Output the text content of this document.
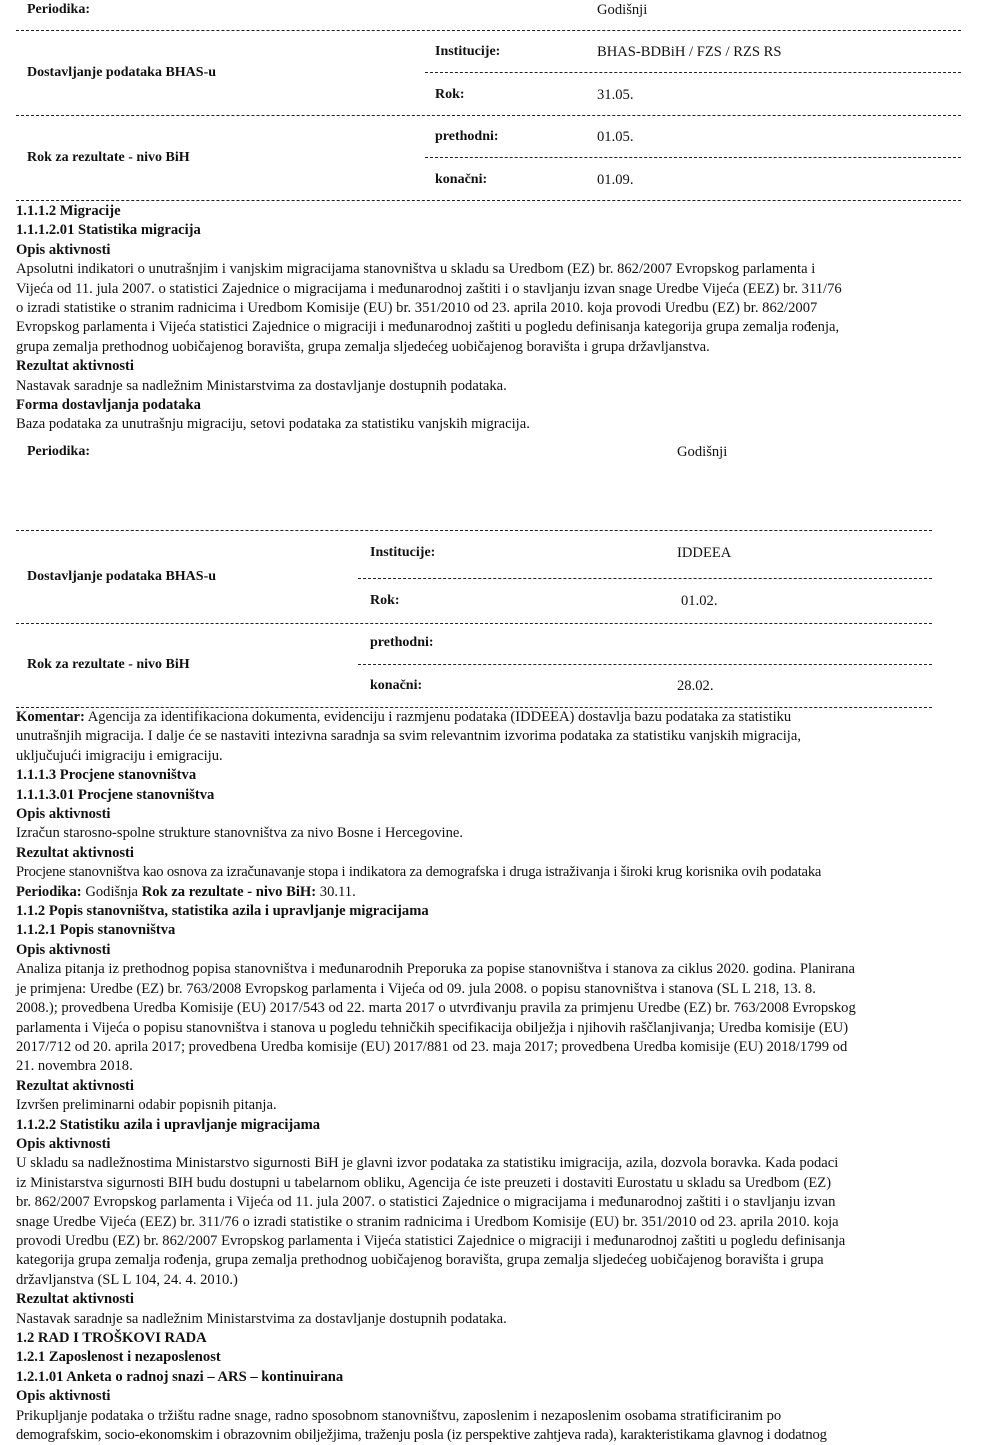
Periodika:	Godišnji
Institucije:	BHAS-BDBiH / FZS / RZS RS
Dostavljanje podataka BHAS-u
Rok:	31.05.
prethodni:	01.05.
Rok za rezultate - nivo BiH
konačni:	01.09.
1.1.1.2 Migracije
1.1.1.2.01 Statistika migracija
Opis aktivnosti
Apsolutni indikatori o unutrašnjim i vanjskim migracijama stanovništva u skladu sa Uredbom (EZ) br. 862/2007 Evropskog parlamenta i
Vijeća od 11. jula 2007. o statistici Zajednice o migracijama i međunarodnoj zaštiti i o stavljanju izvan snage Uredbe Vijeća (EEZ) br. 311/76
o izradi statistike o stranim radnicima i Uredbom Komisije (EU) br. 351/2010 od 23. aprila 2010. koja provodi Uredbu (EZ) br. 862/2007
Evropskog parlamenta i Vijeća statistici Zajednice o migraciji i međunarodnoj zaštiti u pogledu definisanja kategorija grupa zemalja rođenja,
grupa zemalja prethodnog uobičajenog boravišta, grupa zemalja sljedećeg uobičajenog boravišta i grupa državljanstva.
Rezultat aktivnosti
Nastavak saradnje sa nadležnim Ministarstvima za dostavljanje dostupnih podataka.
Forma dostavljanja podataka
Baza podataka za unutrašnju migraciju, setovi podataka za statistiku vanjskih migracija.
Periodika:	Godišnji
Institucije:	IDDEEA
Dostavljanje podataka BHAS-u
Rok:	01.02.
prethodni:
Rok za rezultate - nivo BiH
konačni:	28.02.
Komentar: Agencija za identifikaciona dokumenta, evidenciju i razmjenu podataka (IDDEEA) dostavlja bazu podataka za statistiku
unutrašnjih migracija. I dalje će se nastaviti intezivna saradnja sa svim relevantnim izvorima podataka za statistiku vanjskih migracija,
uključujući imigraciju i emigraciju.
1.1.1.3 Procjene stanovništva
1.1.1.3.01 Procjene stanovništva
Opis aktivnosti
Izračun starosno-spolne strukture stanovništva za nivo Bosne i Hercegovine.
Rezultat aktivnosti
Procjene stanovništva kao osnova za izračunavanje stopa i indikatora za demografska i druga istraživanja i široki krug korisnika ovih podataka
Periodika: Godišnja Rok za rezultate - nivo BiH: 30.11.
1.1.2 Popis stanovništva, statistika azila i upravljanje migracijama
1.1.2.1 Popis stanovništva
Opis aktivnosti
Analiza pitanja iz prethodnog popisa stanovništva i međunarodnih Preporuka za popise stanovništva i stanova za ciklus 2020. godina. Planirana
je primjena: Uredbe (EZ) br. 763/2008 Evropskog parlamenta i Vijeća od 09. jula 2008. o popisu stanovništva i stanova (SL L 218, 13. 8.
2008.); provedbena Uredba Komisije (EU) 2017/543 od 22. marta 2017 o utvrđivanju pravila za primjenu Uredbe (EZ) br. 763/2008 Evropskog
parlamenta i Vijeća o popisu stanovništva i stanova u pogledu tehničkih specifikacija obilježja i njihovih raščlanjivanja; Uredba komisije (EU)
2017/712 od 20. aprila 2017; provedbena Uredba komisije (EU) 2017/881 od 23. maja 2017; provedbena Uredba komisije (EU) 2018/1799 od
21. novembra 2018.
Rezultat aktivnosti
Izvršen preliminarni odabir popisnih pitanja.
1.1.2.2 Statistiku azila i upravljanje migracijama
Opis aktivnosti
U skladu sa nadležnostima Ministarstvo sigurnosti BiH je glavni izvor podataka za statistiku imigracija, azila, dozvola boravka. Kada podaci
iz Ministarstva sigurnosti BIH budu dostupni u tabelarnom obliku, Agencija će iste preuzeti i dostaviti Eurostatu u skladu sa Uredbom (EZ)
br. 862/2007 Evropskog parlamenta i Vijeća od 11. jula 2007. o statistici Zajednice o migracijama i međunarodnoj zaštiti i o stavljanju izvan
snage Uredbe Vijeća (EEZ) br. 311/76 o izradi statistike o stranim radnicima i Uredbom Komisije (EU) br. 351/2010 od 23. aprila 2010. koja
provodi Uredbu (EZ) br. 862/2007 Evropskog parlamenta i Vijeća statistici Zajednice o migraciji i međunarodnoj zaštiti u pogledu definisanja
kategorija grupa zemalja rođenja, grupa zemalja prethodnog uobičajenog boravišta, grupa zemalja sljedećeg uobičajenog boravišta i grupa
državljanstva (SL L 104, 24. 4. 2010.)
Rezultat aktivnosti
Nastavak saradnje sa nadležnim Ministarstvima za dostavljanje dostupnih podataka.
1.2 RAD I TROŠKOVI RADA
1.2.1 Zaposlenost i nezaposlenost
1.2.1.01 Anketa o radnoj snazi – ARS – kontinuirana
Opis aktivnosti
Prikupljanje podataka o tržištu radne snage, radno sposobnom stanovništvu, zaposlenim i nezaposlenim osobama stratificiranim po
demografskim, socio-ekonomskim i obrazovnim obilježjima, traženju posla (iz perspektive zahtjeva rada), karakteristikama glavnog i dodatnog
